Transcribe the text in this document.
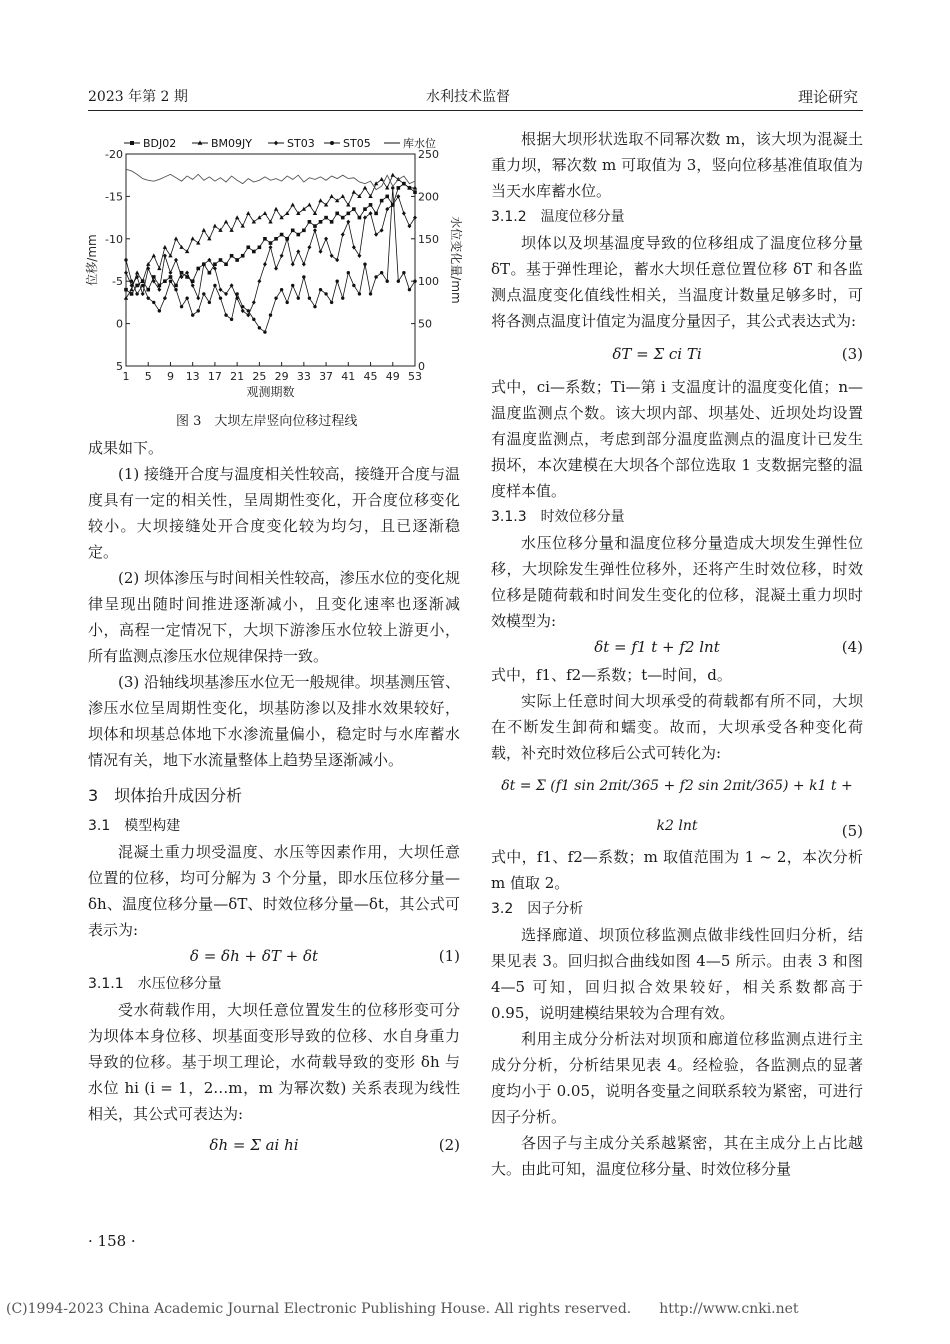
2023 年第 2 期	水利技术监督	理论研究
1 5 9 13 17 21 25 29 33 37 41 45 49 53
-20
-15
-10
-5
0
5
250
200
150
100
50
0
观测期数
位移/mm	水位变化量/mm
BDJ02	BM09JY	ST03	ST05	库水位
图 3　大坝左岸竖向位移过程线

成果如下。

(1) 接缝开合度与温度相关性较高，接缝开合度与温度具有一定的相关性，呈周期性变化，开合度位移变化较小。大坝接缝处开合度变化较为均匀，且已逐渐稳定。

(2) 坝体渗压与时间相关性较高，渗压水位的变化规律呈现出随时间推进逐渐减小，且变化速率也逐渐减小，高程一定情况下，大坝下游渗压水位较上游更小，所有监测点渗压水位规律保持一致。

(3) 沿轴线坝基渗压水位无一般规律。坝基测压管、渗压水位呈周期性变化，坝基防渗以及排水效果较好，坝体和坝基总体地下水渗流量偏小，稳定时与水库蓄水情况有关，地下水流量整体上趋势呈逐渐减小。

3　坝体抬升成因分析

3.1　模型构建

混凝土重力坝受温度、水压等因素作用，大坝任意位置的位移，均可分解为 3 个分量，即水压位移分量—δh、温度位移分量—δT、时效位移分量—δt，其公式可表示为:

δ = δh + δT + δt	(1)

3.1.1　水压位移分量

受水荷载作用，大坝任意位置发生的位移形变可分为坝体本身位移、坝基面变形导致的位移、水自身重力导致的位移。基于坝工理论，水荷载导致的变形 δh 与水位 hi (i = 1，2…m，m 为幂次数) 关系表现为线性相关，其公式可表达为:

δh = Σ ai hi	(2)
· 158 ·

根据大坝形状选取不同幂次数 m，该大坝为混凝土重力坝，幂次数 m 可取值为 3，竖向位移基准值取值为当天水库蓄水位。

3.1.2　温度位移分量

坝体以及坝基温度导致的位移组成了温度位移分量 δT。基于弹性理论，蓄水大坝任意位置位移 δT 和各监测点温度变化值线性相关，当温度计数量足够多时，可将各测点温度计值定为温度分量因子，其公式表达式为:

δT = Σ ci Ti	(3)

式中，ci—系数；Ti—第 i 支温度计的温度变化值；n—温度监测点个数。该大坝内部、坝基处、近坝处均设置有温度监测点，考虑到部分温度监测点的温度计已发生损坏，本次建模在大坝各个部位选取 1 支数据完整的温度样本值。

3.1.3　时效位移分量

水压位移分量和温度位移分量造成大坝发生弹性位移，大坝除发生弹性位移外，还将产生时效位移，时效位移是随荷载和时间发生变化的位移，混凝土重力坝时效模型为:

δt = f1 t + f2 lnt	(4)

式中，f1、f2—系数；t—时间，d。

实际上任意时间大坝承受的荷载都有所不同，大坝在不断发生卸荷和蠕变。故而，大坝承受各种变化荷载，补充时效位移后公式可转化为:

δt = Σ (f1 sin 2πit/365 + f2 sin 2πit/365) + k1 t + k2 lnt	(5)

式中，f1、f2—系数；m 取值范围为 1 ~ 2，本次分析 m 值取 2。

3.2　因子分析

选择廊道、坝顶位移监测点做非线性回归分析，结果见表 3。回归拟合曲线如图 4—5 所示。由表 3 和图 4—5 可知，回归拟合效果较好，相关系数都高于 0.95，说明建模结果较为合理有效。

利用主成分分析法对坝顶和廊道位移监测点进行主成分分析，分析结果见表 4。经检验，各监测点的显著度均小于 0.05，说明各变量之间联系较为紧密，可进行因子分析。

各因子与主成分关系越紧密，其在主成分上占比越大。由此可知，温度位移分量、时效位移分量

(C)1994-2023 China Academic Journal Electronic Publishing House. All rights reserved.　　http://www.cnki.net
